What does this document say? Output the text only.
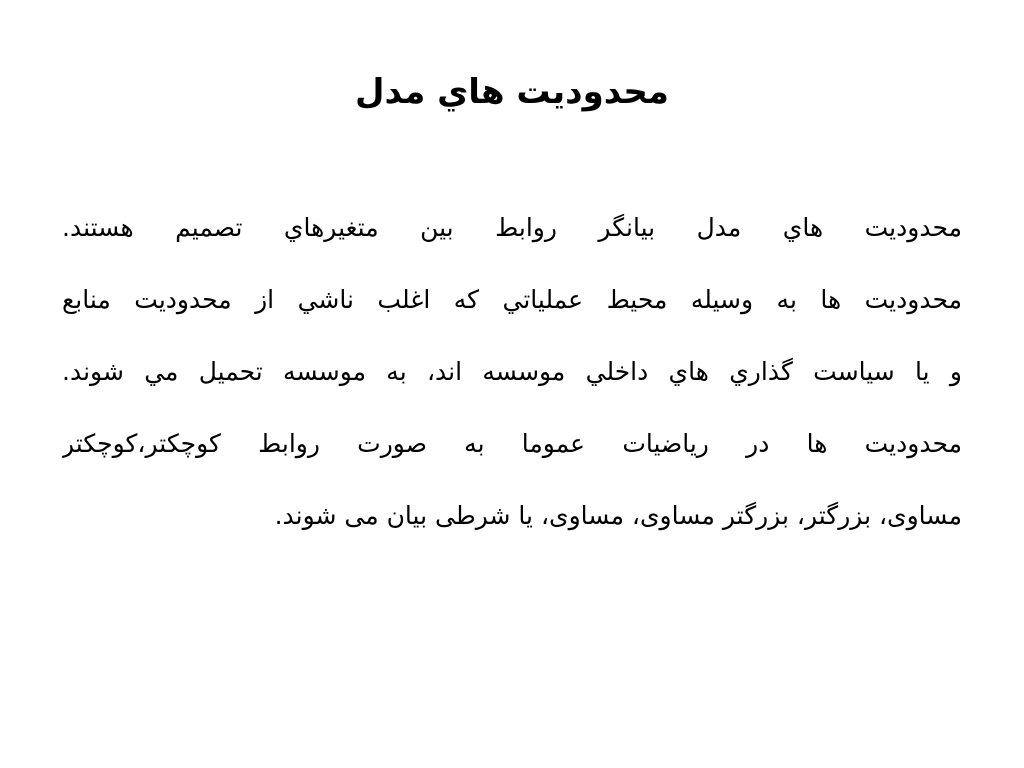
محدوديت هاي مدل
محدوديت هاي مدل بيانگر روابط بين متغيرهاي تصميم هستند.
محدوديت ها به وسيله محيط عملياتي كه اغلب ناشي از محدوديت منابع
و يا سياست گذاري هاي داخلي موسسه اند، به موسسه تحميل مي شوند.
محدوديت ها در رياضيات عموما به صورت روابط كوچكتر،كوچكتر
مساوی، بزرگتر، بزرگتر مساوی، مساوی، یا شرطی بیان می شوند.
